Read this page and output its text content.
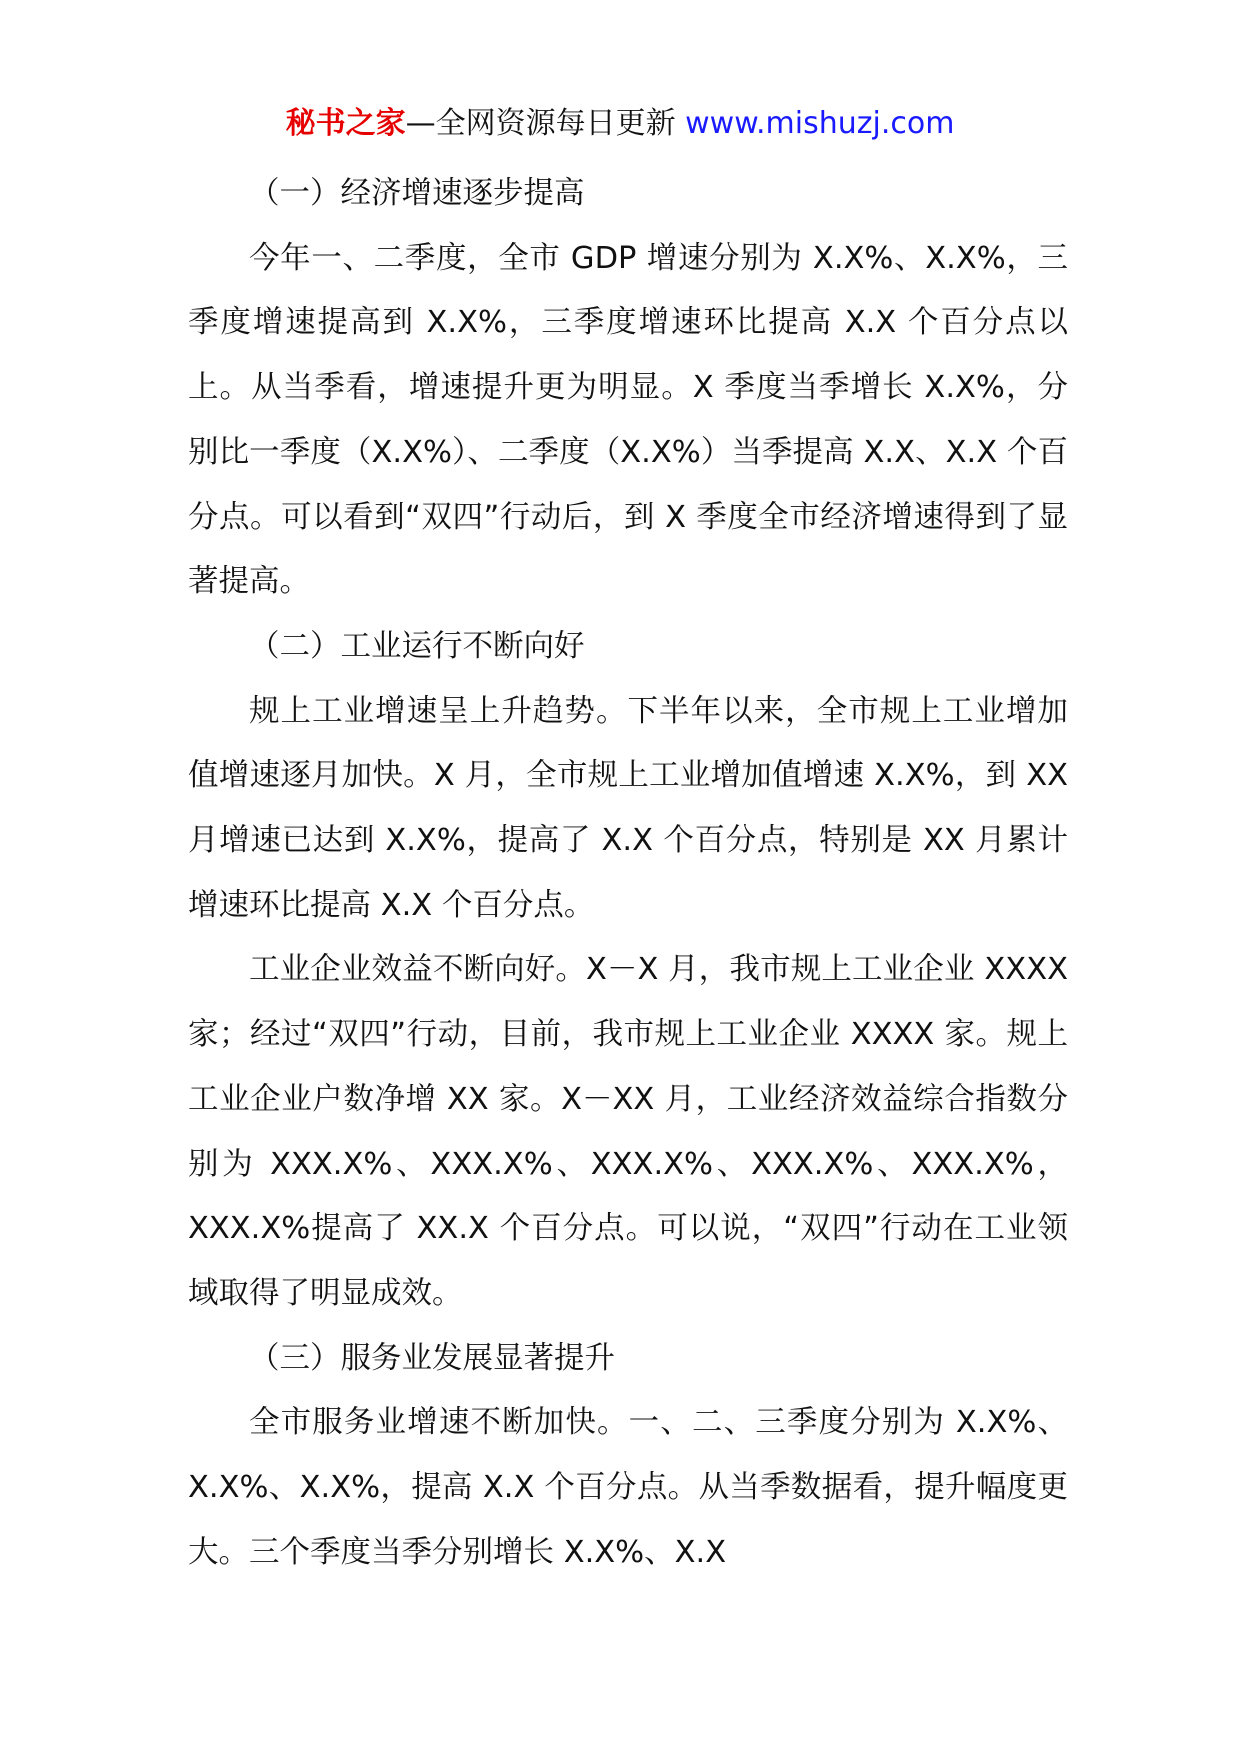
秘书之家—全网资源每日更新 www.mishuzj.com

（一）经济增速逐步提高

今年一、二季度，全市 GDP 增速分别为 X.X%、X.X%，三季度增速提高到 X.X%，三季度增速环比提高 X.X 个百分点以上。从当季看，增速提升更为明显。X 季度当季增长 X.X%，分别比一季度（X.X%）、二季度（X.X%）当季提高 X.X、X.X 个百分点。可以看到“双四”行动后，到 X 季度全市经济增速得到了显著提高。

（二）工业运行不断向好

规上工业增速呈上升趋势。下半年以来，全市规上工业增加值增速逐月加快。X 月，全市规上工业增加值增速 X.X%，到 XX 月增速已达到 X.X%，提高了 X.X 个百分点，特别是 XX 月累计增速环比提高 X.X 个百分点。

工业企业效益不断向好。X－X 月，我市规上工业企业 XXXX 家；经过“双四”行动，目前，我市规上工业企业 XXXX 家。规上工业企业户数净增 XX 家。X－XX 月，工业经济效益综合指数分别为 XXX.X%、XXX.X%、XXX.X%、XXX.X%、XXX.X%，XXX.X%提高了 XX.X 个百分点。可以说，“双四”行动在工业领域取得了明显成效。

（三）服务业发展显著提升

全市服务业增速不断加快。一、二、三季度分别为 X.X%、X.X%、X.X%，提高 X.X 个百分点。从当季数据看，提升幅度更大。三个季度当季分别增长 X.X%、X.X
